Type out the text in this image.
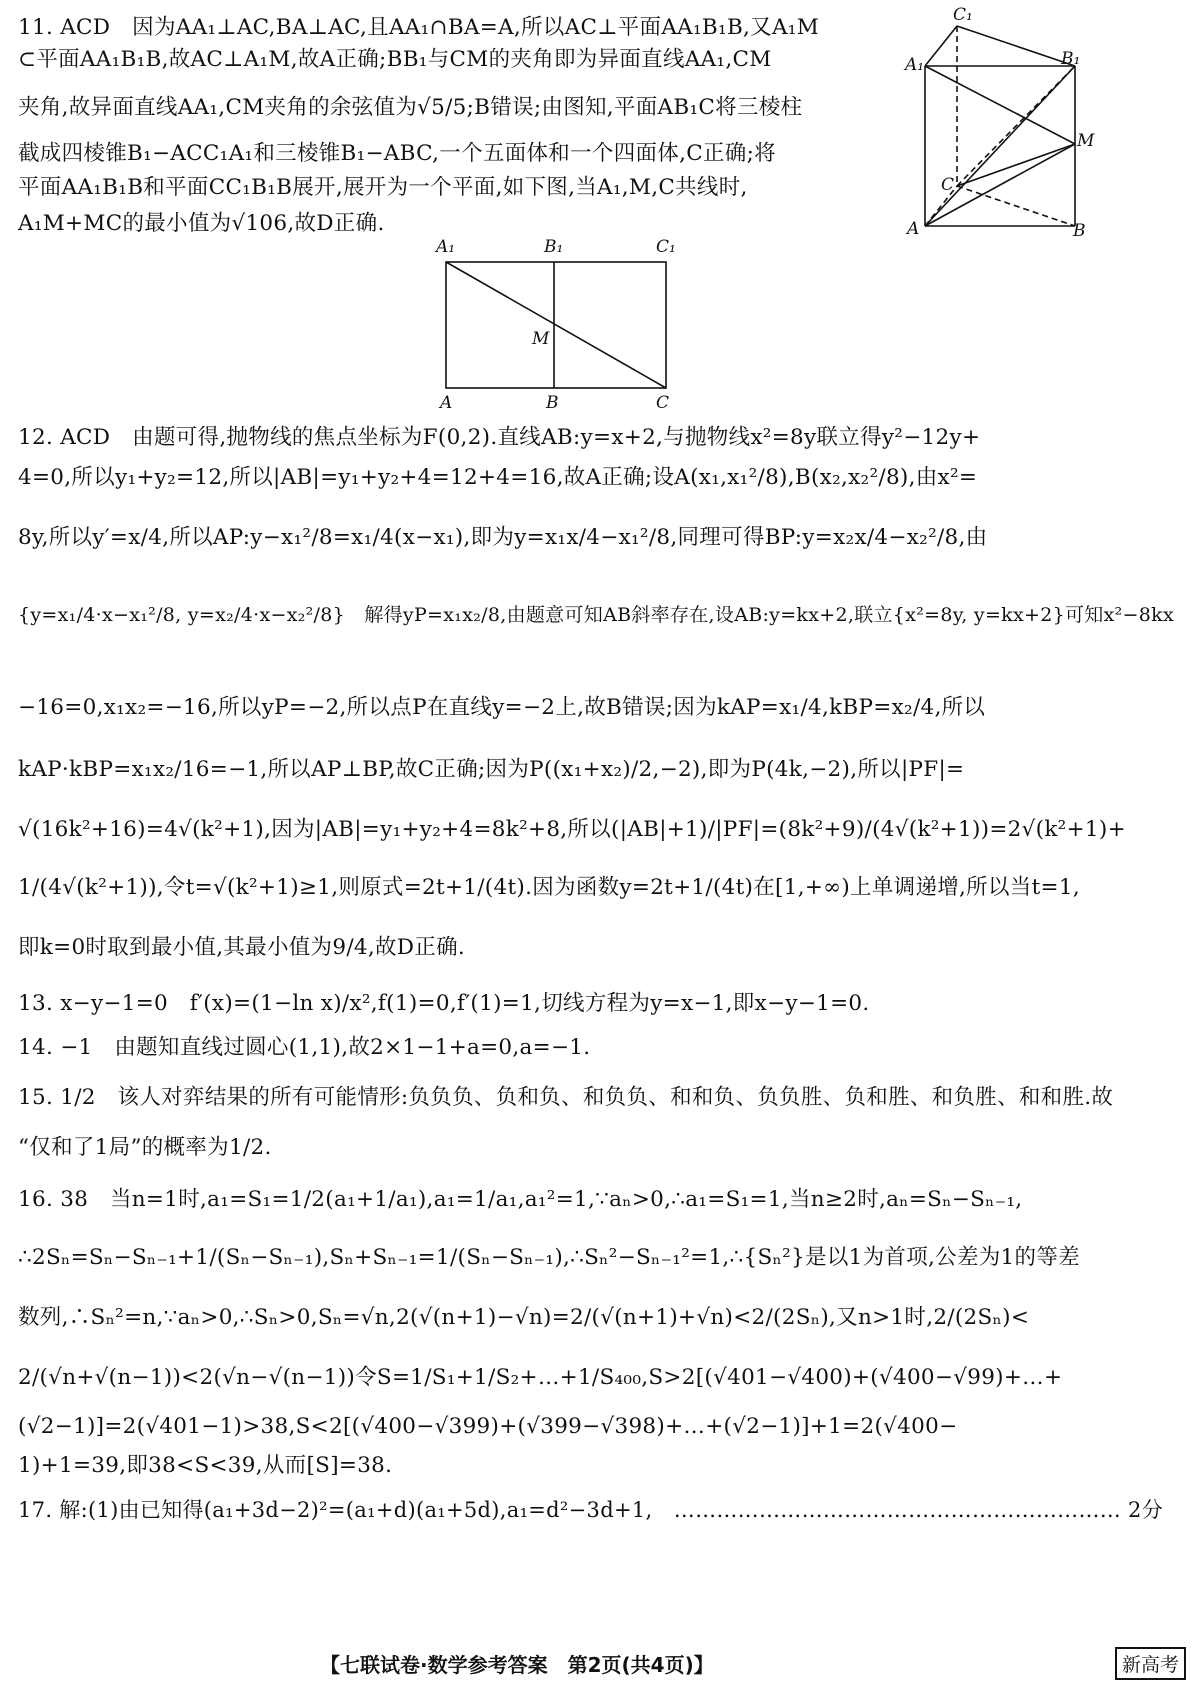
11. ACD　因为AA₁⊥AC,BA⊥AC,且AA₁∩BA=A,所以AC⊥平面AA₁B₁B,又A₁M
⊂平面AA₁B₁B,故AC⊥A₁M,故A正确;BB₁与CM的夹角即为异面直线AA₁,CM
夹角,故异面直线AA₁,CM夹角的余弦值为√5/5;B错误;由图知,平面AB₁C将三棱柱
截成四棱锥B₁−ACC₁A₁和三棱锥B₁−ABC,一个五面体和一个四面体,C正确;将
平面AA₁B₁B和平面CC₁B₁B展开,展开为一个平面,如下图,当A₁,M,C共线时,
A₁M+MC的最小值为√106,故D正确.
12. ACD　由题可得,抛物线的焦点坐标为F(0,2).直线AB:y=x+2,与抛物线x²=8y联立得y²−12y+
4=0,所以y₁+y₂=12,所以|AB|=y₁+y₂+4=12+4=16,故A正确;设A(x₁,x₁²/8),B(x₂,x₂²/8),由x²=
8y,所以y′=x/4,所以AP:y−x₁²/8=x₁/4(x−x₁),即为y=x₁x/4−x₁²/8,同理可得BP:y=x₂x/4−x₂²/8,由
{y=x₁/4·x−x₁²/8, y=x₂/4·x−x₂²/8}　解得yP=x₁x₂/8,由题意可知AB斜率存在,设AB:y=kx+2,联立{x²=8y, y=kx+2}可知x²−8kx
−16=0,x₁x₂=−16,所以yP=−2,所以点P在直线y=−2上,故B错误;因为kAP=x₁/4,kBP=x₂/4,所以
kAP·kBP=x₁x₂/16=−1,所以AP⊥BP,故C正确;因为P((x₁+x₂)/2,−2),即为P(4k,−2),所以|PF|=
√(16k²+16)=4√(k²+1),因为|AB|=y₁+y₂+4=8k²+8,所以(|AB|+1)/|PF|=(8k²+9)/(4√(k²+1))=2√(k²+1)+
1/(4√(k²+1)),令t=√(k²+1)≥1,则原式=2t+1/(4t).因为函数y=2t+1/(4t)在[1,+∞)上单调递增,所以当t=1,
即k=0时取到最小值,其最小值为9/4,故D正确.
13. x−y−1=0　f′(x)=(1−ln x)/x²,f(1)=0,f′(1)=1,切线方程为y=x−1,即x−y−1=0.
14. −1　由题知直线过圆心(1,1),故2×1−1+a=0,a=−1.
15. 1/2　该人对弈结果的所有可能情形:负负负、负和负、和负负、和和负、负负胜、负和胜、和负胜、和和胜.故
“仅和了1局”的概率为1/2.
16. 38　当n=1时,a₁=S₁=1/2(a₁+1/a₁),a₁=1/a₁,a₁²=1,∵aₙ>0,∴a₁=S₁=1,当n≥2时,aₙ=Sₙ−Sₙ₋₁,
∴2Sₙ=Sₙ−Sₙ₋₁+1/(Sₙ−Sₙ₋₁),Sₙ+Sₙ₋₁=1/(Sₙ−Sₙ₋₁),∴Sₙ²−Sₙ₋₁²=1,∴{Sₙ²}是以1为首项,公差为1的等差
数列,∴Sₙ²=n,∵aₙ>0,∴Sₙ>0,Sₙ=√n,2(√(n+1)−√n)=2/(√(n+1)+√n)<2/(2Sₙ),又n>1时,2/(2Sₙ)<
2/(√n+√(n−1))<2(√n−√(n−1))令S=1/S₁+1/S₂+…+1/S₄₀₀,S>2[(√401−√400)+(√400−√99)+…+
(√2−1)]=2(√401−1)>38,S<2[(√400−√399)+(√399−√398)+…+(√2−1)]+1=2(√400−
1)+1=39,即38<S<39,从而[S]=38.
17. 解:(1)由已知得(a₁+3d−2)²=(a₁+d)(a₁+5d),a₁=d²−3d+1,　……………………………………………………… 2分
C₁
A₁	B₁
M
C
A	B
A₁	B₁	C₁
M
A	B	C
【七联试卷·数学参考答案　第2页(共4页)】	新高考
